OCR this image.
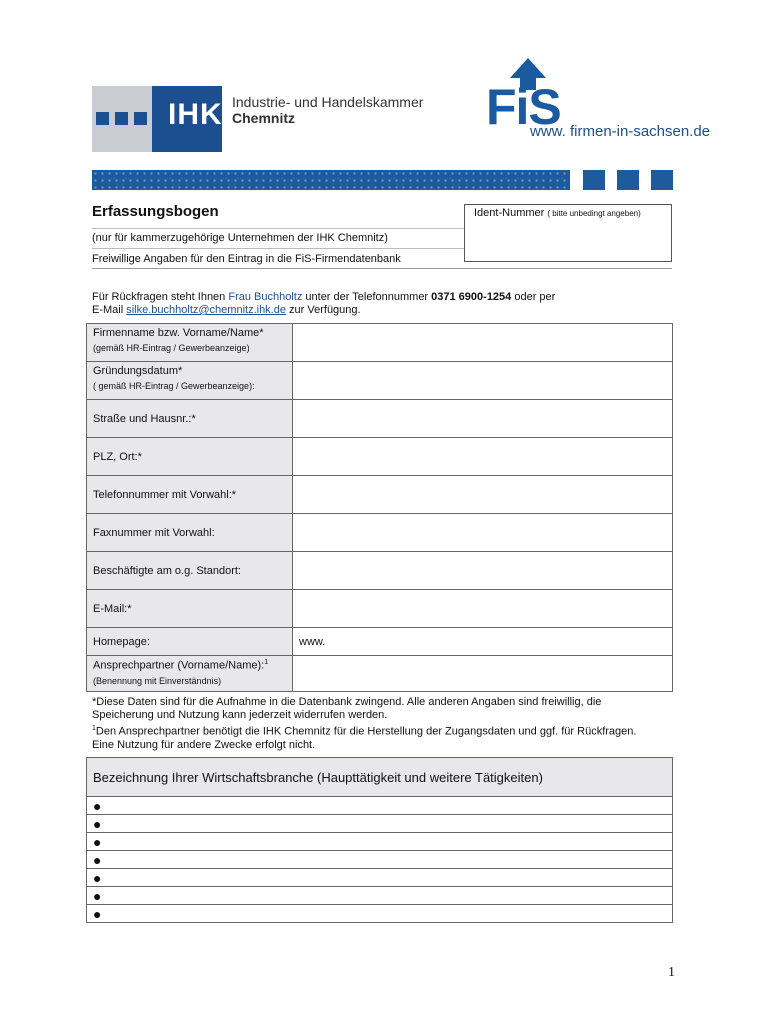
IHK Industrie- und Handelskammer
Chemnitz	FiS
www. firmen-in-sachsen.de
Erfassungsbogen
(nur für kammerzugehörige Unternehmen der IHK Chemnitz)
Freiwillige Angaben für den Eintrag in die FiS-Firmendatenbank
Ident-Nummer ( bitte unbedingt angeben)
Für Rückfragen steht Ihnen Frau Buchholtz unter der Telefonnummer 0371 6900-1254 oder per
E-Mail silke.buchholtz@chemnitz.ihk.de zur Verfügung.
Firmenname bzw. Vorname/Name*
(gemäß HR-Eintrag / Gewerbeanzeige)	

Gründungsdatum*
( gemäß HR-Eintrag / Gewerbeanzeige):	

Straße und Hausnr.:*	
PLZ, Ort:*	
Telefonnummer mit Vorwahl:*	
Faxnummer mit Vorwahl:	
Beschäftigte am o.g. Standort:	
E-Mail:*	
Homepage:	www.
Ansprechpartner (Vorname/Name):$^1$
(Benennung mit Einverständnis)	

*Diese Daten sind für die Aufnahme in die Datenbank zwingend. Alle anderen Angaben sind freiwillig, die
Speicherung und Nutzung kann jederzeit widerrufen werden.
$^1$Den Ansprechpartner benötigt die IHK Chemnitz für die Herstellung der Zugangsdaten und ggf. für Rückfragen.
Eine Nutzung für andere Zwecke erfolgt nicht.
Bezeichnung Ihrer Wirtschaftsbranche (Haupttätigkeit und weitere Tätigkeiten)
●
●
●
●
●
●
●
1
